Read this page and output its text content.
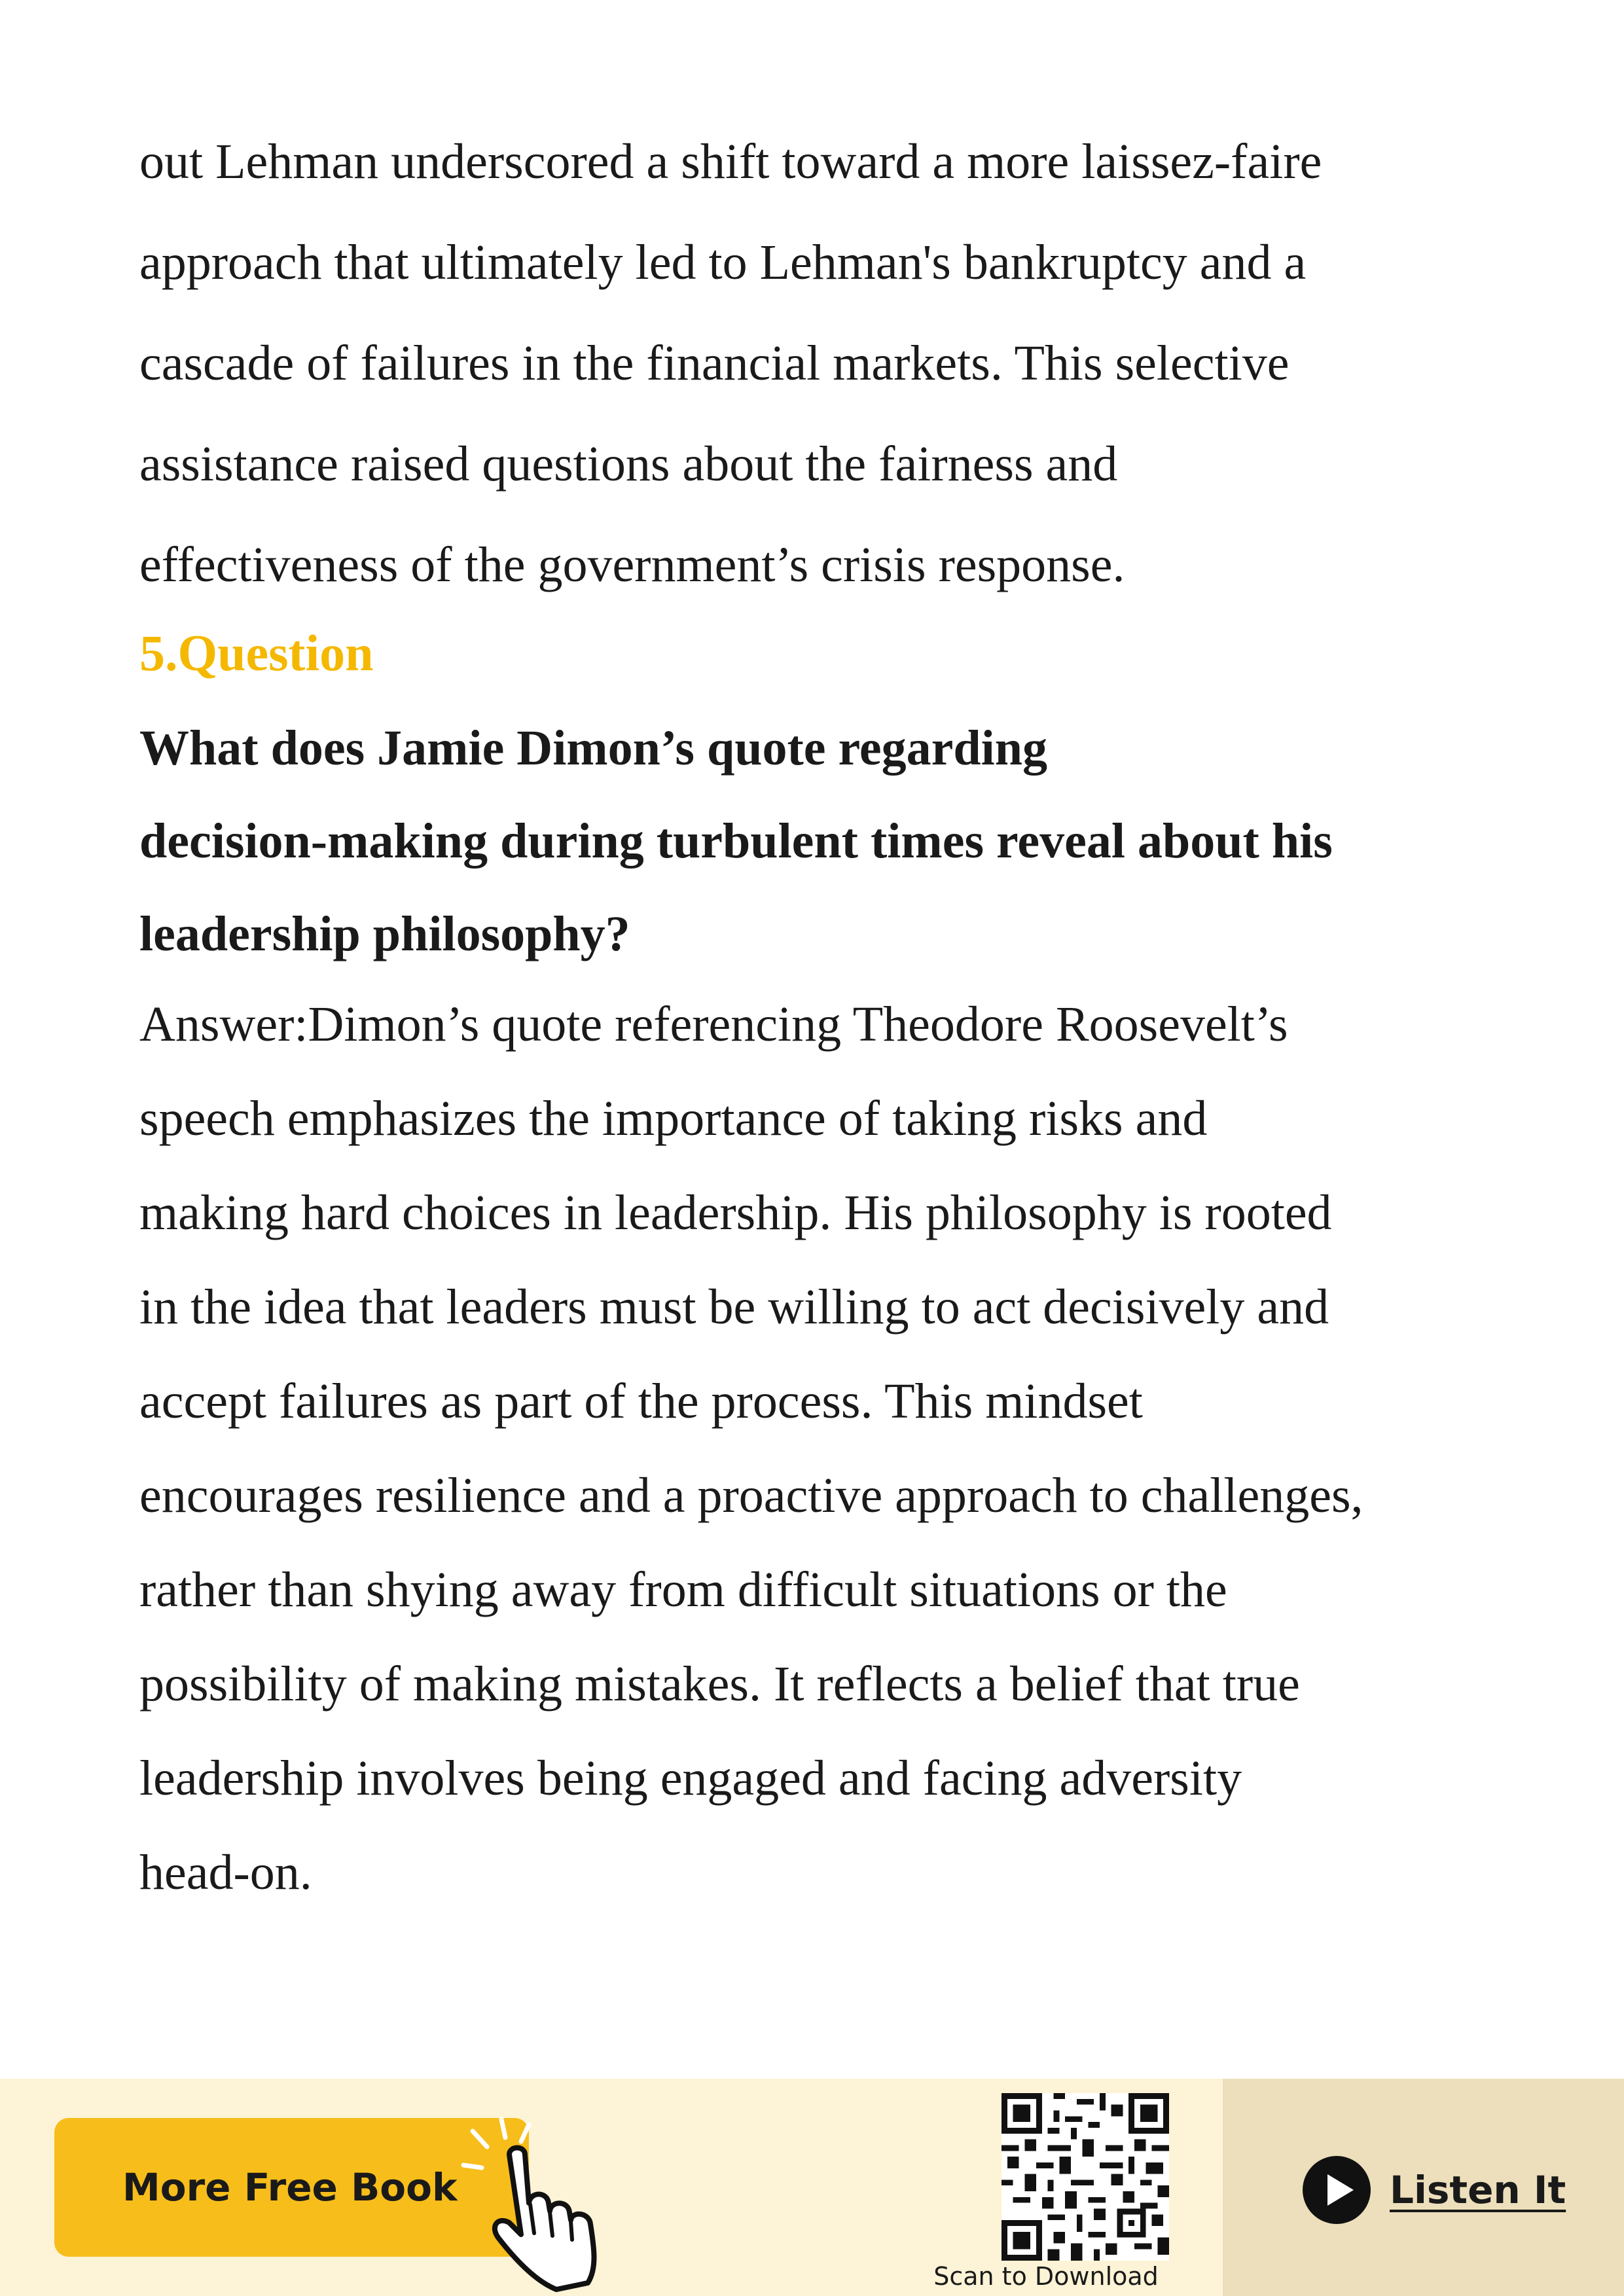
out Lehman underscored a shift toward a more laissez-faire

approach that ultimately led to Lehman's bankruptcy and a

cascade of failures in the financial markets. This selective

assistance raised questions about the fairness and

effectiveness of the government’s crisis response.

5.Question

What does Jamie Dimon’s quote regarding

decision-making during turbulent times reveal about his

leadership philosophy?

Answer:Dimon’s quote referencing Theodore Roosevelt’s

speech emphasizes the importance of taking risks and

making hard choices in leadership. His philosophy is rooted

in the idea that leaders must be willing to act decisively and

accept failures as part of the process. This mindset

encourages resilience and a proactive approach to challenges,

rather than shying away from difficult situations or the

possibility of making mistakes. It reflects a belief that true

leadership involves being engaged and facing adversity

head-on.

More Free Book
Scan to Download
Listen It
